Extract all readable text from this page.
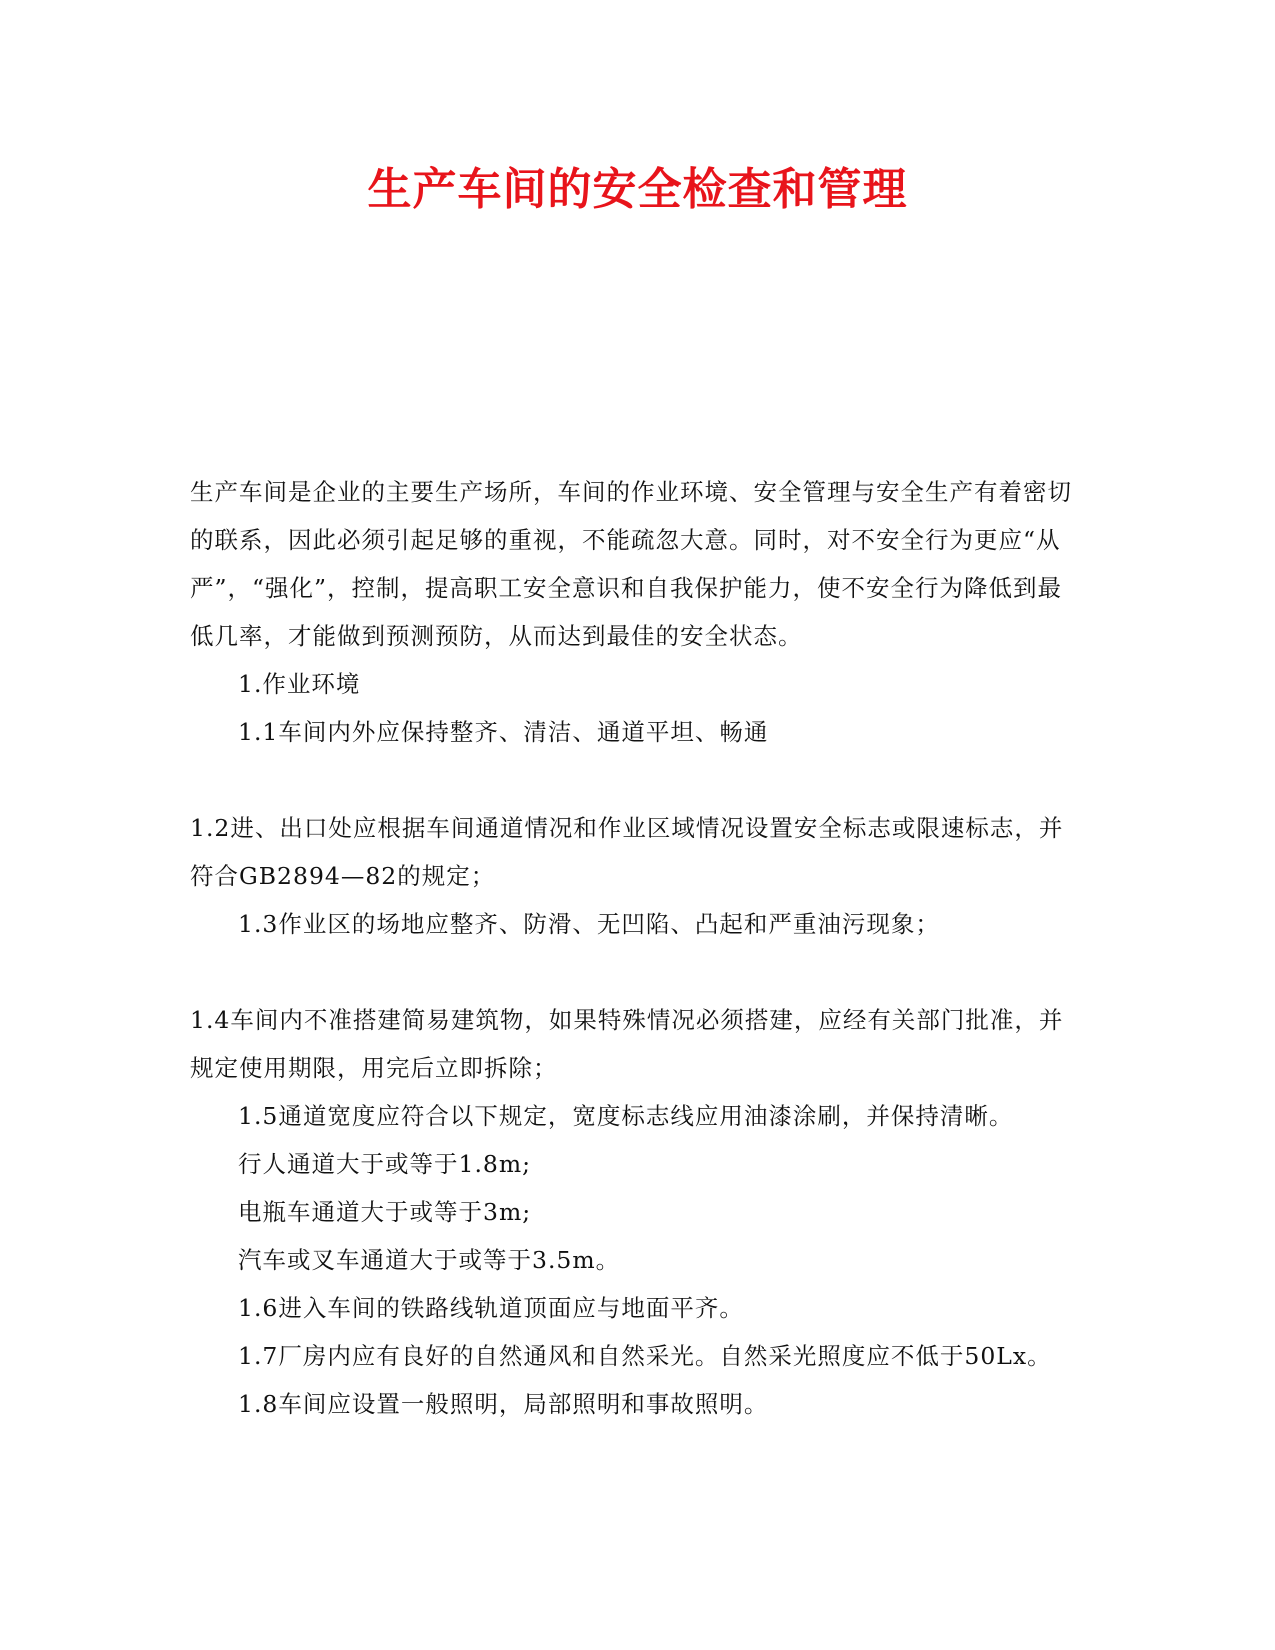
生产车间的安全检查和管理

生产车间是企业的主要生产场所，车间的作业环境、安全管理与安全生产有着密切的联系，因此必须引起足够的重视，不能疏忽大意。同时，对不安全行为更应“从严”，“强化”，控制，提高职工安全意识和自我保护能力，使不安全行为降低到最低几率，才能做到预测预防，从而达到最佳的安全状态。

1.作业环境

1.1车间内外应保持整齐、清洁、通道平坦、畅通

1.2进、出口处应根据车间通道情况和作业区域情况设置安全标志或限速标志，并符合GB2894—82的规定；

1.3作业区的场地应整齐、防滑、无凹陷、凸起和严重油污现象；

1.4车间内不准搭建简易建筑物，如果特殊情况必须搭建，应经有关部门批准，并规定使用期限，用完后立即拆除；

1.5通道宽度应符合以下规定，宽度标志线应用油漆涂刷，并保持清晰。

行人通道大于或等于1.8m;

电瓶车通道大于或等于3m;

汽车或叉车通道大于或等于3.5m。

1.6进入车间的铁路线轨道顶面应与地面平齐。

1.7厂房内应有良好的自然通风和自然采光。自然采光照度应不低于50Lx。

1.8车间应设置一般照明，局部照明和事故照明。
